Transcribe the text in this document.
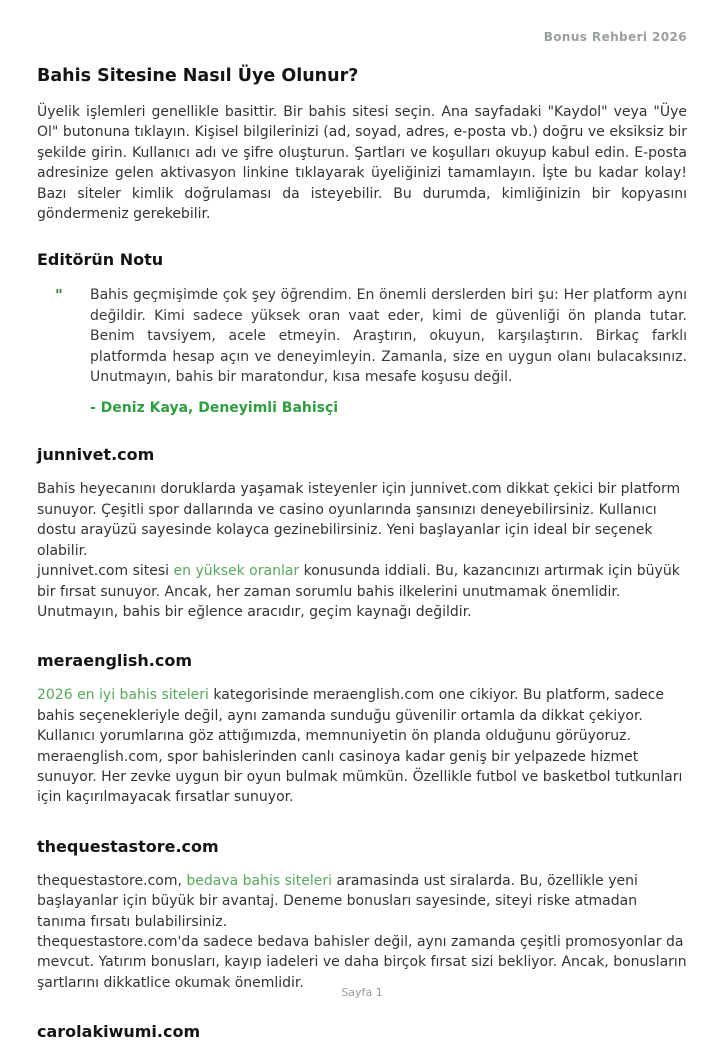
Bonus Rehberi 2026
Bahis Sitesine Nasıl Üye Olunur?

Üyelik işlemleri genellikle basittir. Bir bahis sitesi seçin. Ana sayfadaki "Kaydol" veya "Üye Ol" butonuna tıklayın. Kişisel bilgilerinizi (ad, soyad, adres, e-posta vb.) doğru ve eksiksiz bir şekilde girin. Kullanıcı adı ve şifre oluşturun. Şartları ve koşulları okuyup kabul edin. E-posta adresinize gelen aktivasyon linkine tıklayarak üyeliğinizi tamamlayın. İşte bu kadar kolay! Bazı siteler kimlik doğrulaması da isteyebilir. Bu durumda, kimliğinizin bir kopyasını göndermeniz gerekebilir.

Editörün Notu
"	Bahis geçmişimde çok şey öğrendim. En önemli derslerden biri şu: Her platform aynı değildir. Kimi sadece yüksek oran vaat eder, kimi de güvenliği ön planda tutar. Benim tavsiyem, acele etmeyin. Araştırın, okuyun, karşılaştırın. Birkaç farklı platformda hesap açın ve deneyimleyin. Zamanla, size en uygun olanı bulacaksınız. Unutmayın, bahis bir maratondur, kısa mesafe koşusu değil.

- Deniz Kaya, Deneyimli Bahisçi

junnivet.com

Bahis heyecanını doruklarda yaşamak isteyenler için junnivet.com dikkat çekici bir platform sunuyor. Çeşitli spor dallarında ve casino oyunlarında şansınızı deneyebilirsiniz. Kullanıcı dostu arayüzü sayesinde kolayca gezinebilirsiniz. Yeni başlayanlar için ideal bir seçenek olabilir.

junnivet.com sitesi en yüksek oranlar konusunda iddiali. Bu, kazancınızı artırmak için büyük bir fırsat sunuyor. Ancak, her zaman sorumlu bahis ilkelerini unutmamak önemlidir. Unutmayın, bahis bir eğlence aracıdır, geçim kaynağı değildir.

meraenglish.com

2026 en iyi bahis siteleri kategorisinde meraenglish.com one cikiyor. Bu platform, sadece bahis seçenekleriyle değil, aynı zamanda sunduğu güvenilir ortamla da dikkat çekiyor. Kullanıcı yorumlarına göz attığımızda, memnuniyetin ön planda olduğunu görüyoruz.

meraenglish.com, spor bahislerinden canlı casinoya kadar geniş bir yelpazede hizmet sunuyor. Her zevke uygun bir oyun bulmak mümkün. Özellikle futbol ve basketbol tutkunları için kaçırılmayacak fırsatlar sunuyor.

thequestastore.com

thequestastore.com, bedava bahis siteleri aramasinda ust siralarda. Bu, özellikle yeni başlayanlar için büyük bir avantaj. Deneme bonusları sayesinde, siteyi riske atmadan tanıma fırsatı bulabilirsiniz.

thequestastore.com'da sadece bedava bahisler değil, aynı zamanda çeşitli promosyonlar da mevcut. Yatırım bonusları, kayıp iadeleri ve daha birçok fırsat sizi bekliyor. Ancak, bonusların şartlarını dikkatlice okumak önemlidir.

carolakiwumi.com
Sayfa 1
